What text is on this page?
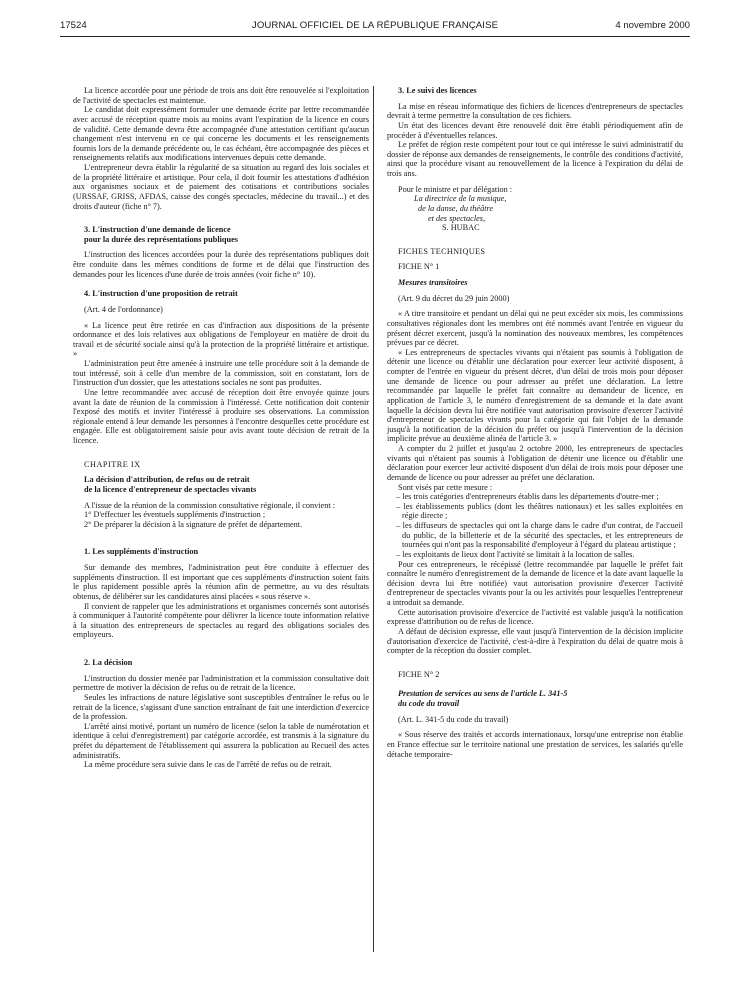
17524	JOURNAL OFFICIEL DE LA RÉPUBLIQUE FRANÇAISE	4 novembre 2000

La licence accordée pour une période de trois ans doit être renouvelée si l'exploitation de l'activité de spectacles est maintenue.

Le candidat doit expressément formuler une demande écrite par lettre recommandée avec accusé de réception quatre mois au moins avant l'expiration de la licence en cours de validité. Cette demande devra être accompagnée d'une attestation certifiant qu'aucun changement n'est intervenu en ce qui concerne les documents et les renseignements fournis lors de la demande précédente ou, le cas échéant, être accompagnée des pièces et renseignements relatifs aux modifications intervenues depuis cette demande.

L'entrepreneur devra établir la régularité de sa situation au regard des lois sociales et de la propriété littéraire et artistique. Pour cela, il doit fournir les attestations d'adhésion aux organismes sociaux et de paiement des cotisations et contributions sociales (URSSAF, GRISS, AFDAS, caisse des congés spectacles, médecine du travail...) et des droits d'auteur (fiche n° 7).

3. L'instruction d'une demande de licence

pour la durée des représentations publiques

L'instruction des licences accordées pour la durée des représentations publiques doit être conduite dans les mêmes conditions de forme et de délai que l'instruction des demandes pour les licences d'une durée de trois années (voir fiche n° 10).

4. L'instruction d'une proposition de retrait

(Art. 4 de l'ordonnance)

« La licence peut être retirée en cas d'infraction aux dispositions de la présente ordonnance et des lois relatives aux obligations de l'employeur en matière de droit du travail et de sécurité sociale ainsi qu'à la protection de la propriété littéraire et artistique. »

L'administration peut être amenée à instruire une telle procédure soit à la demande de tout intéressé, soit à celle d'un membre de la commission, soit en constatant, lors de l'instruction d'un dossier, que les attestations sociales ne sont pas produites.

Une lettre recommandée avec accusé de réception doit être envoyée quinze jours avant la date de réunion de la commission à l'intéressé. Cette notification doit contenir l'exposé des motifs et inviter l'intéressé à produire ses observations. La commission régionale entend à leur demande les personnes à l'encontre desquelles cette procédure est engagée. Elle est obligatoirement saisie pour avis avant toute décision de retrait de la licence.

CHAPITRE IX

La décision d'attribution, de refus ou de retrait

de la licence d'entrepreneur de spectacles vivants

A l'issue de la réunion de la commission consultative régionale, il convient :

1° D'effectuer les éventuels suppléments d'instruction ;

2° De préparer la décision à la signature de préfet de département.

1. Les suppléments d'instruction

Sur demande des membres, l'administration peut être conduite à effectuer des suppléments d'instruction. Il est important que ces suppléments d'instruction soient faits le plus rapidement possible après la réunion afin de permettre, au vu des résultats obtenus, de délibérer sur les candidatures ainsi placées « sous réserve ».

Il convient de rappeler que les administrations et organismes concernés sont autorisés à communiquer à l'autorité compétente pour délivrer la licence toute information relative à la situation des entrepreneurs de spectacles au regard des obligations sociales des employeurs.

2. La décision

L'instruction du dossier menée par l'administration et la commission consultative doit permettre de motiver la décision de refus ou de retrait de la licence.

Seules les infractions de nature législative sont susceptibles d'entraîner le refus ou le retrait de la licence, s'agissant d'une sanction entraînant de fait une interdiction d'exercice de la profession.

L'arrêté ainsi motivé, portant un numéro de licence (selon la table de numérotation et identique à celui d'enregistrement) par catégorie accordée, est transmis à la signature du préfet du département de l'établissement qui assurera la publication au Recueil des actes administratifs.

La même procédure sera suivie dans le cas de l'arrêté de refus ou de retrait.

3. Le suivi des licences

La mise en réseau informatique des fichiers de licences d'entrepreneurs de spectacles devrait à terme permettre la consultation de ces fichiers.

Un état des licences devant être renouvelé doit être établi périodiquement afin de procéder à d'éventuelles relances.

Le préfet de région reste compétent pour tout ce qui intéresse le suivi administratif du dossier de réponse aux demandes de renseignements, le contrôle des conditions d'activité, ainsi que la procédure visant au renouvellement de la licence à l'expiration du délai de trois ans.

Pour le ministre et par délégation :

La directrice de la musique,

de la danse, du théâtre

et des spectacles,

S. HUBAC

FICHES TECHNIQUES

FICHE N° 1

Mesures transitoires

(Art. 9 du décret du 29 juin 2000)

« A titre transitoire et pendant un délai qui ne peut excéder six mois, les commissions consultatives régionales dont les membres ont été nommés avant l'entrée en vigueur du présent décret exercent, jusqu'à la nomination des nouveaux membres, les compétences prévues par ce décret.

« Les entrepreneurs de spectacles vivants qui n'étaient pas soumis à l'obligation de détenir une licence ou d'établir une déclaration pour exercer leur activité disposent, à compter de l'entrée en vigueur du présent décret, d'un délai de trois mois pour déposer une demande de licence ou pour adresser au préfet une déclaration. La lettre recommandée par laquelle le préfet fait connaître au demandeur de licence, en application de l'article 3, le numéro d'enregistrement de sa demande et la date avant laquelle la décision devra lui être notifiée vaut autorisation provisoire d'exercer l'activité d'entrepreneur de spectacles vivants pour la catégorie qui fait l'objet de la demande jusqu'à la notification de la décision du préfet ou jusqu'à l'intervention de la décision implicite prévue au deuxième alinéa de l'article 3. »

A compter du 2 juillet et jusqu'au 2 octobre 2000, les entrepreneurs de spectacles vivants qui n'étaient pas soumis à l'obligation de détenir une licence ou d'établir une déclaration pour exercer leur activité disposent d'un délai de trois mois pour déposer une demande de licence ou pour adresser au préfet une déclaration.

Sont visés par cette mesure :

– les trois catégories d'entrepreneurs établis dans les départements d'outre-mer ;

– les établissements publics (dont les théâtres nationaux) et les salles exploitées en régie directe ;

– les diffuseurs de spectacles qui ont la charge dans le cadre d'un contrat, de l'accueil du public, de la billetterie et de la sécurité des spectacles, et les entrepreneurs de tournées qui n'ont pas la responsabilité d'employeur à l'égard du plateau artistique ;

– les exploitants de lieux dont l'activité se limitait à la location de salles.

Pour ces entrepreneurs, le récépissé (lettre recommandée par laquelle le préfet fait connaître le numéro d'enregistrement de la demande de licence et la date avant laquelle la décision devra lui être notifiée) vaut autorisation provisoire d'exercer l'activité d'entrepreneur de spectacles vivants pour la ou les activités pour lesquelles l'entrepreneur a introduit sa demande.

Cette autorisation provisoire d'exercice de l'activité est valable jusqu'à la notification expresse d'attribution ou de refus de licence.

A défaut de décision expresse, elle vaut jusqu'à l'intervention de la décision implicite d'autorisation d'exercice de l'activité, c'est-à-dire à l'expiration du délai de quatre mois à compter de la réception du dossier complet.

FICHE N° 2

Prestation de services au sens de l'article L. 341-5

du code du travail

(Art. L. 341-5 du code du travail)

« Sous réserve des traités et accords internationaux, lorsqu'une entreprise non établie en France effectue sur le territoire national une prestation de services, les salariés qu'elle détache temporaire-
